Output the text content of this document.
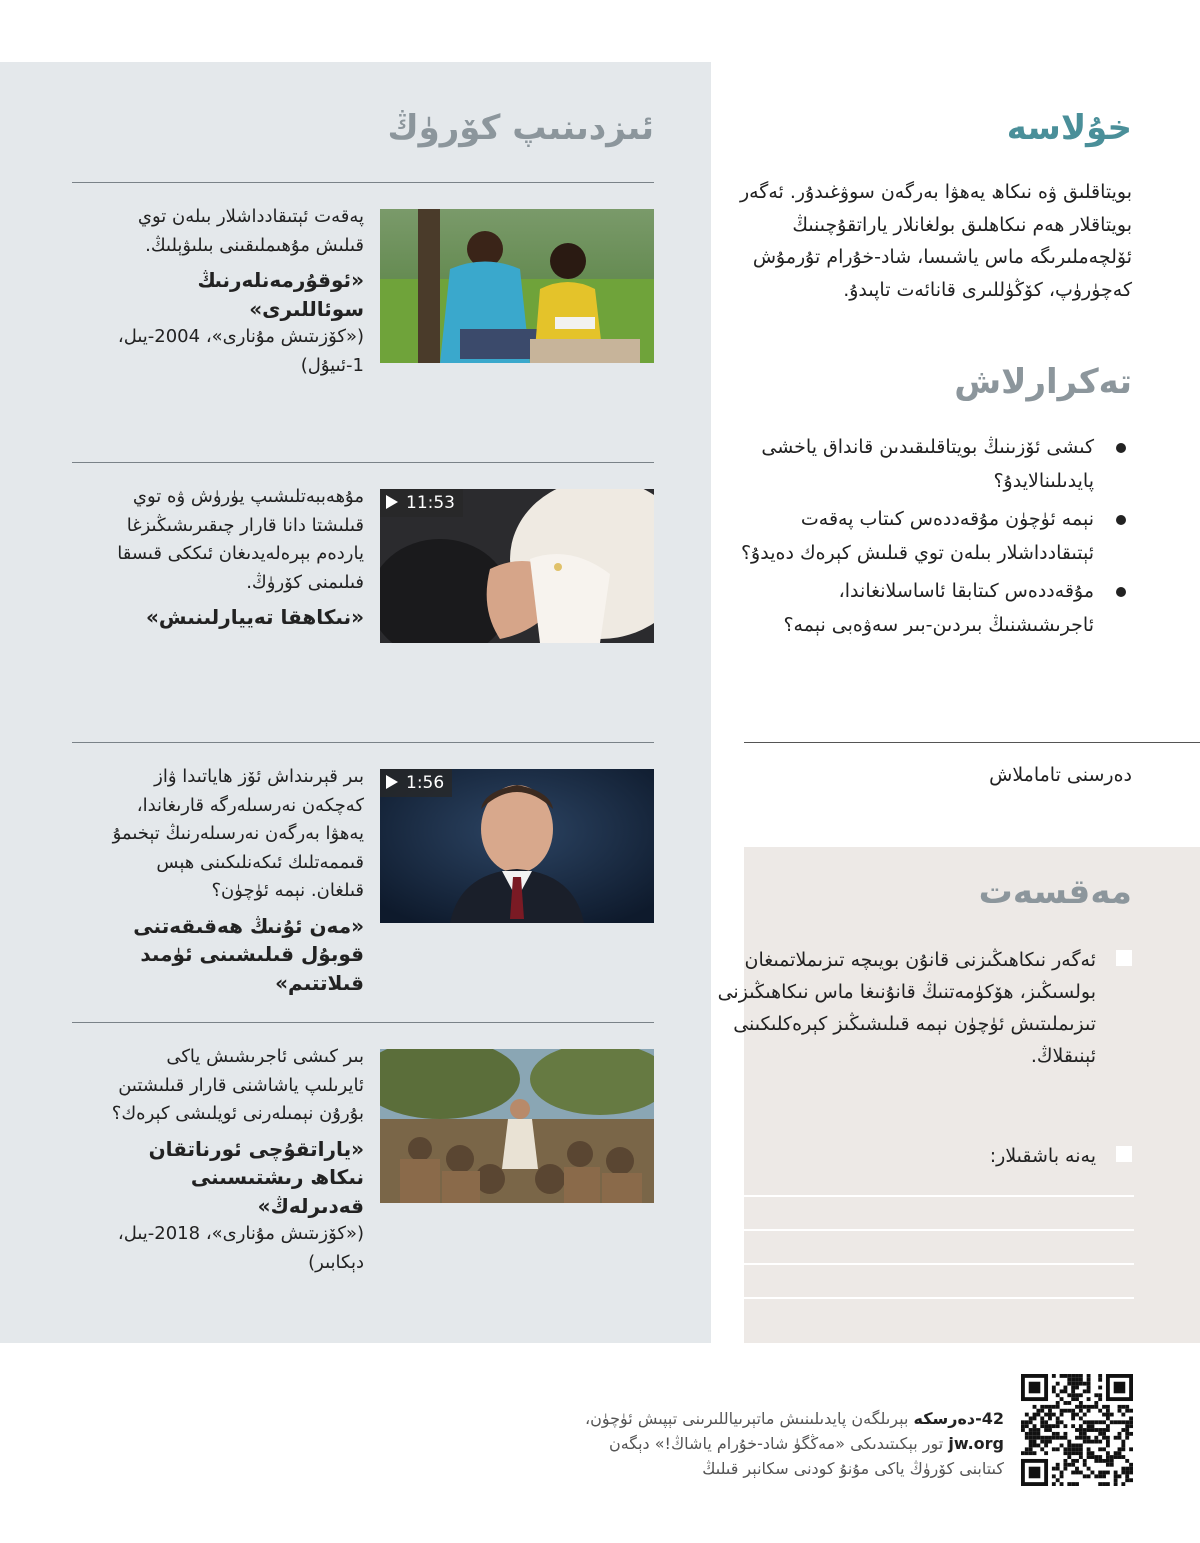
ئىزدىنىپ كۆرۈڭ
پەقەت ئېتىقادداشلار بىلەن توي قىلىش مۇھىملىقىنى بىلىۋېلىڭ.
«ئوقۇرمەنلەرنىڭ سوئاللىرى»
(«كۆزىتىش مۇنارى»، 2004-يىل، 1-ئىيۇل)
11:53
مۇھەببەتلىشىپ يۈرۈش ۋە توي قىلىشتا دانا قارار چىقىرىشىڭىزغا ياردەم بېرەلەيدىغان ئىككى قىسقا فىلىمنى كۆرۈڭ.
«نىكاھقا تەييارلىنىش»
1:56
بىر قېرىنداش ئۆز ھاياتىدا ۋاز كەچكەن نەرسىلەرگە قارىغاندا، يەھۋا بەرگەن نەرسىلەرنىڭ تېخىمۇ قىممەتلىك ئىكەنلىكىنى ھېس قىلغان. نېمە ئۈچۈن؟
«مەن ئۇنىڭ ھەقىقەتنى قوبۇل قىلىشىنى ئۈمىد قىلاتتىم»
بىر كىشى ئاجرىشىش ياكى ئايرىلىپ ياشاشنى قارار قىلىشتىن بۇرۇن نېمىلەرنى ئويلىشى كېرەك؟
«ياراتقۇچى ئورناتقان نىكاھ رىشتىسىنى قەدىرلەڭ»
(«كۆزىتىش مۇنارى»، 2018-يىل، دېكابىر)
خۇلاسە
بويتاقلىق ۋە نىكاھ يەھۋا بەرگەن سوۋغىدۇر. ئەگەر بويتاقلار ھەم نىكاھلىق بولغانلار ياراتقۇچىنىڭ ئۆلچەملىرىگە ماس ياشىسا، شاد-خۇرام تۇرمۇش كەچۈرۈپ، كۆڭۈللىرى قانائەت تاپىدۇ.
تەكرارلاش
كىشى ئۆزىنىڭ بويتاقلىقىدىن قانداق ياخشى پايدىلىنالايدۇ؟
نېمە ئۈچۈن مۇقەددەس كىتاب پەقەت ئېتىقادداشلار بىلەن توي قىلىش كېرەك دەيدۇ؟
مۇقەددەس كىتابقا ئاساسلانغاندا، ئاجرىشىشنىڭ بىردىن-بىر سەۋەبى نېمە؟
دەرسنى تاماملاش
مەقسەت
ئەگەر نىكاھىڭىزنى قانۇن بويىچە تىزىملاتمىغان بولسىڭىز، ھۆكۈمەتنىڭ قانۇنىغا ماس نىكاھىڭىزنى تىزىملىتىش ئۈچۈن نېمە قىلىشىڭىز كېرەكلىكىنى ئېنىقلاڭ.
يەنە باشقىلار:
42-دەرسكە بېرىلگەن پايدىلىنىش ماتېرىياللىرىنى تېپىش ئۈچۈن،
jw.org تور بېكىتىدىكى «مەڭگۈ شاد-خۇرام ياشاڭ!» دېگەن
كىتابنى كۆرۈڭ ياكى مۇنۇ كودنى سكانېر قىلىڭ
